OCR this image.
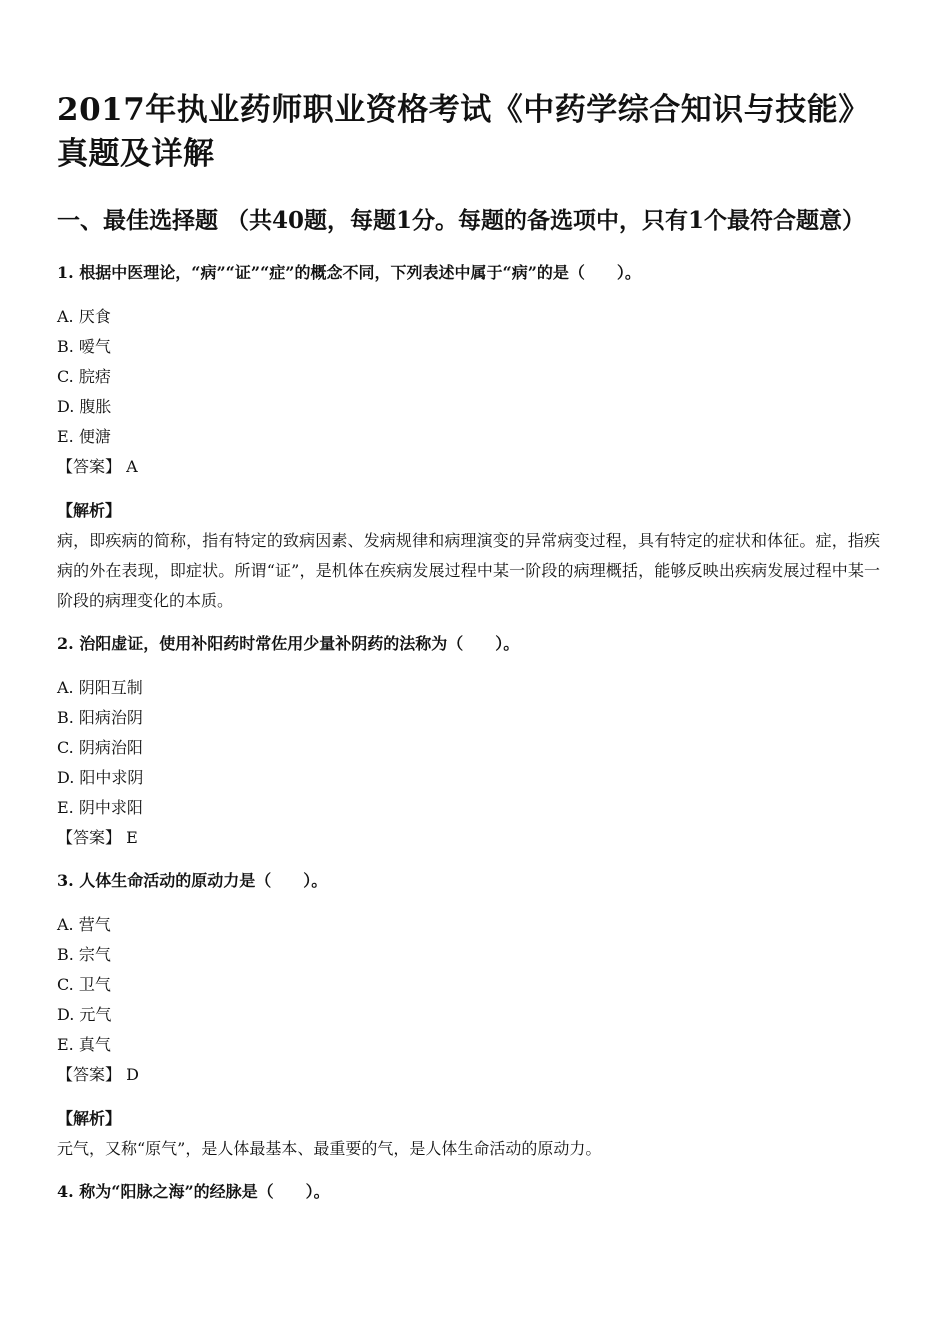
2017年执业药师职业资格考试《中药学综合知识与技能》真题及详解
一、最佳选择题 （共40题，每题1分。每题的备选项中，只有1个最符合题意）

1. 根据中医理论，“病”“证”“症”的概念不同，下列表述中属于“病”的是（　　）。

A. 厌食
B. 嗳气
C. 脘痞
D. 腹胀
E. 便溏

【答案】 A

【解析】

病，即疾病的简称，指有特定的致病因素、发病规律和病理演变的异常病变过程，具有特定的症状和体征。症，指疾病的外在表现，即症状。所谓“证”，是机体在疾病发展过程中某一阶段的病理概括，能够反映出疾病发展过程中某一阶段的病理变化的本质。

2. 治阳虚证，使用补阳药时常佐用少量补阴药的法称为（　　）。

A. 阴阳互制
B. 阳病治阴
C. 阴病治阳
D. 阳中求阴
E. 阴中求阳

【答案】 E

3. 人体生命活动的原动力是（　　）。

A. 营气
B. 宗气
C. 卫气
D. 元气
E. 真气

【答案】 D

【解析】

元气，又称“原气”，是人体最基本、最重要的气，是人体生命活动的原动力。

4. 称为“阳脉之海”的经脉是（　　）。
